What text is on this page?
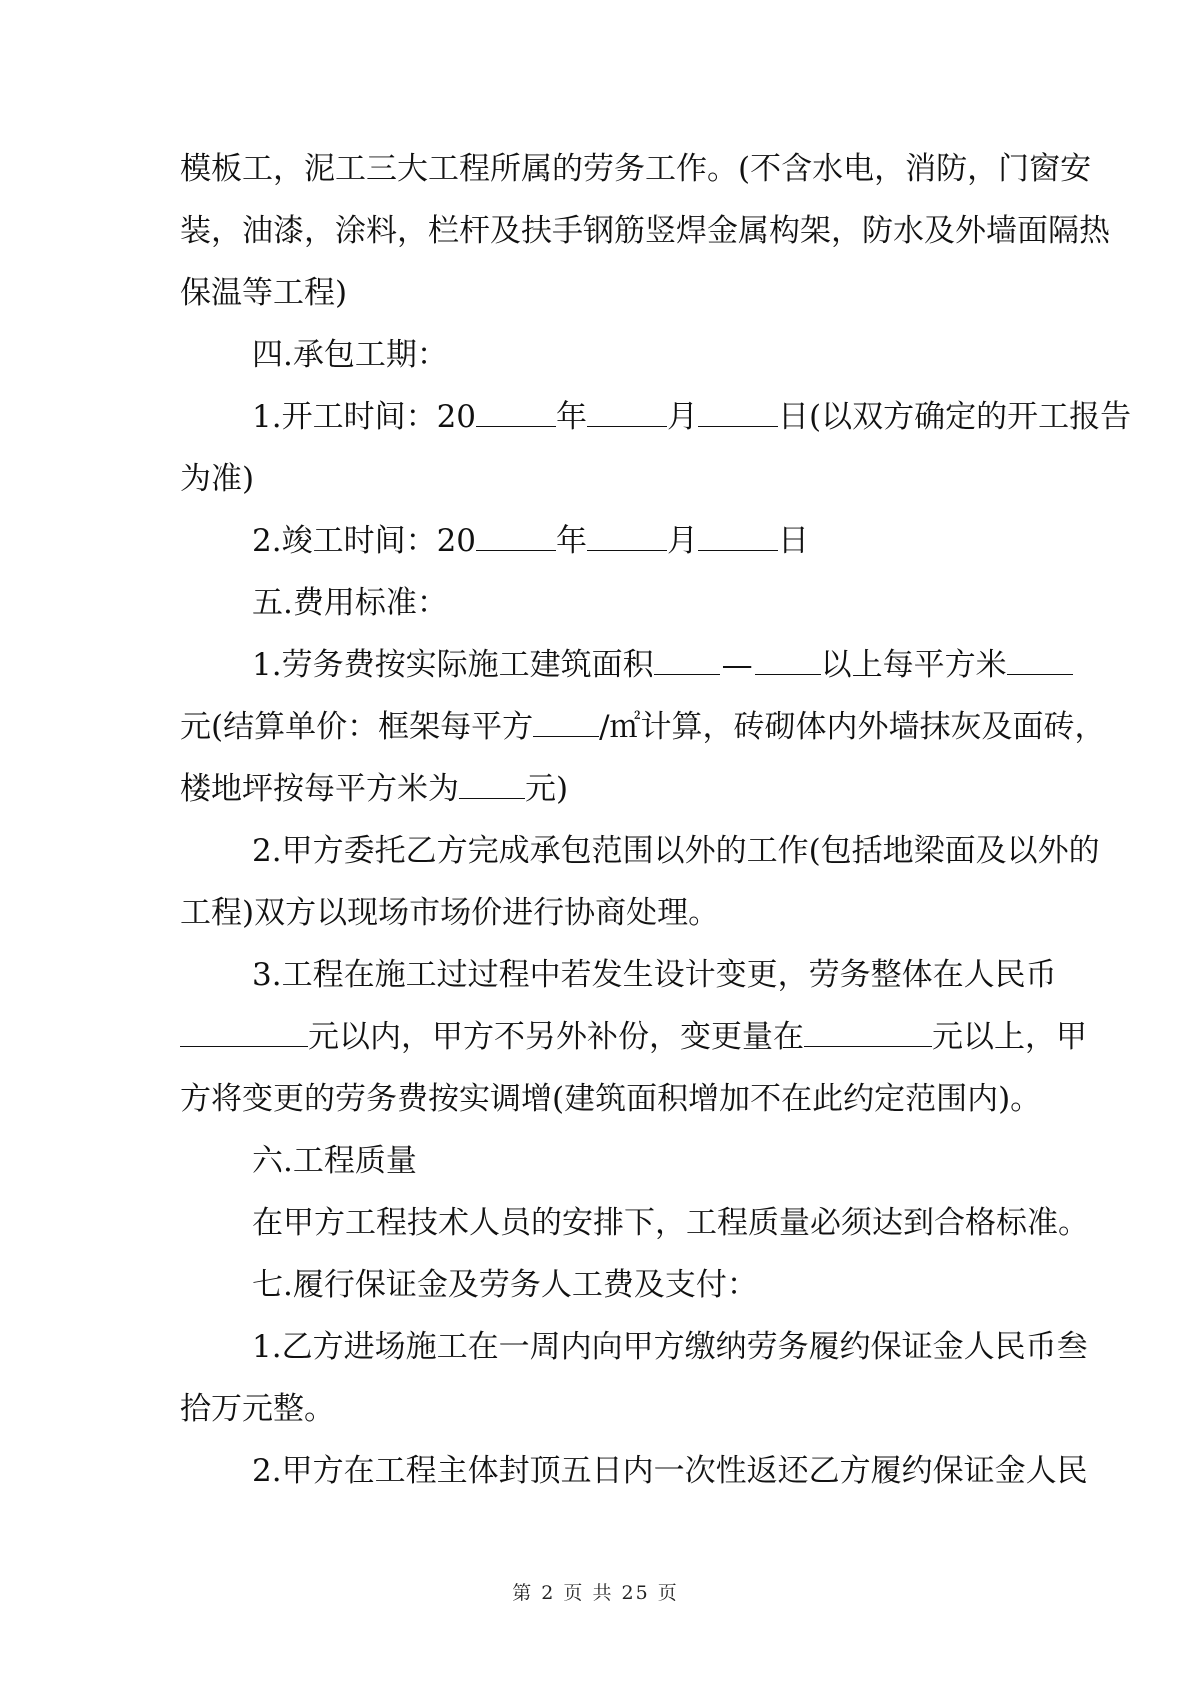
模板工，泥工三大工程所属的劳务工作。(不含水电，消防，门窗安
装，油漆，涂料，栏杆及扶手钢筋竖焊金属构架，防水及外墙面隔热
保温等工程)
四.承包工期：
1.开工时间：20	年	月	日(以双方确定的开工报告
为准)
2.竣工时间：20	年	月	日
五.费用标准：
1.劳务费按实际施工建筑面积 — 以上每平方米
元(结算单价：框架每平方 /㎡计算，砖砌体内外墙抹灰及面砖，
楼地坪按每平方米为 元)
2.甲方委托乙方完成承包范围以外的工作(包括地梁面及以外的
工程)双方以现场市场价进行协商处理。
3.工程在施工过过程中若发生设计变更，劳务整体在人民币
元以内，甲方不另外补份，变更量在	元以上，甲
方将变更的劳务费按实调增(建筑面积增加不在此约定范围内)。
六.工程质量
在甲方工程技术人员的安排下，工程质量必须达到合格标准。
七.履行保证金及劳务人工费及支付：
1.乙方进场施工在一周内向甲方缴纳劳务履约保证金人民币叁
拾万元整。
2.甲方在工程主体封顶五日内一次性返还乙方履约保证金人民
第 2 页 共 25 页
